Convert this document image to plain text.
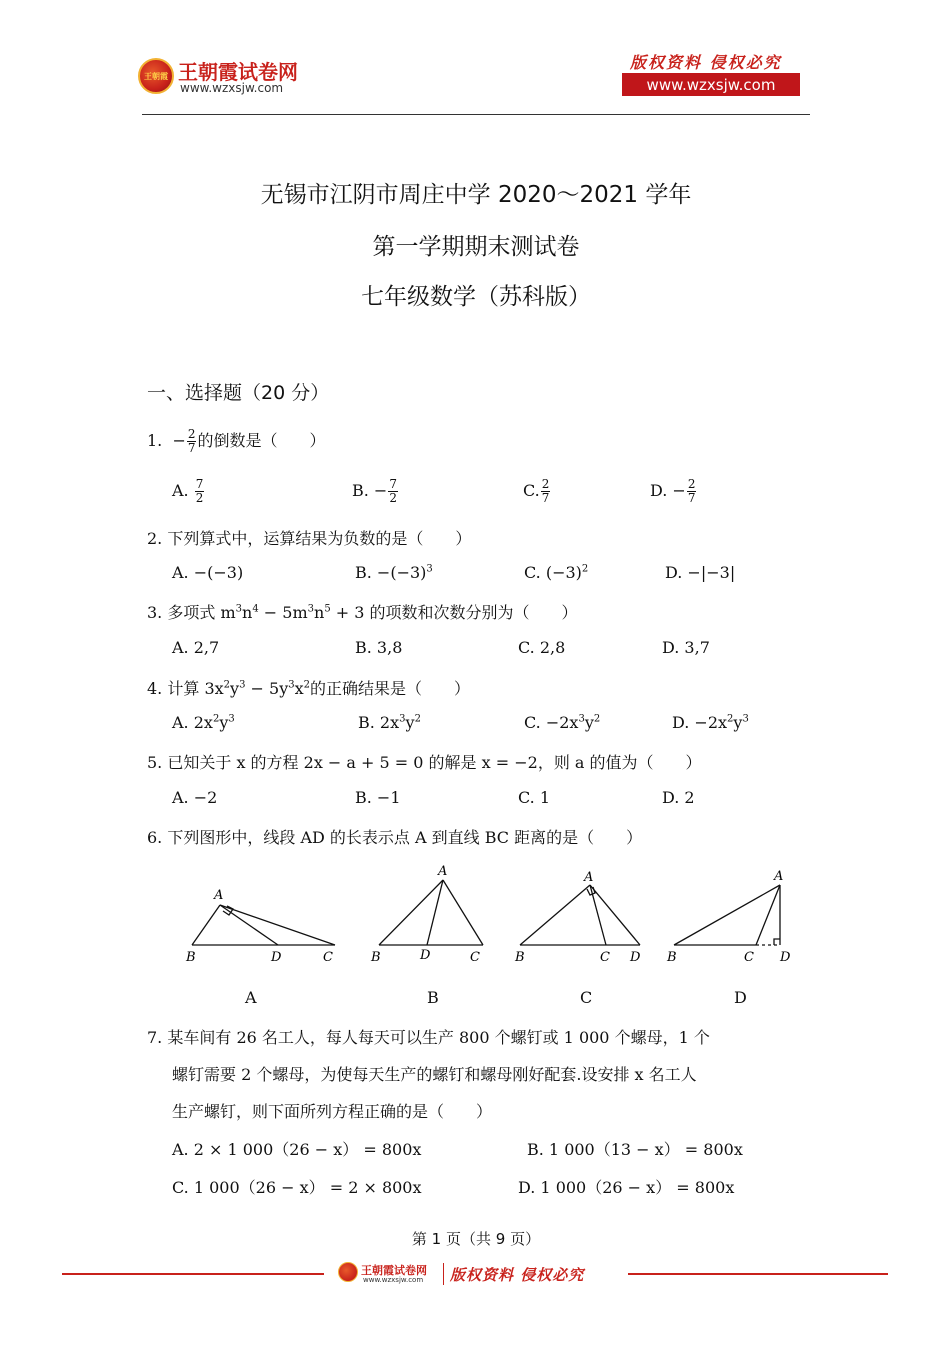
王朝霞 王朝霞试卷网
www.wzxsjw.com
版权资料 侵权必究
www.wzxsjw.com
无锡市江阴市周庄中学 2020～2021 学年
第一学期期末测试卷
七年级数学（苏科版）
一、选择题（20 分）
1. − $\frac{2}{7}$ 的倒数是（　　）
A. $\frac{7}{2}$	B. − $\frac{7}{2}$	C. $\frac{2}{7}$	D. − $\frac{2}{7}$
2. 下列算式中，运算结果为负数的是（　　）
A. −(−3)	B. $-(-3)^3$	C. $(-3)^2$	D. −|−3|
3. 多项式 $m^3n^4 - 5m^3n^5 + 3$ 的项数和次数分别为（　　）
A. 2,7	B. 3,8	C. 2,8	D. 3,7
4. 计算 $3x^2y^3 - 5y^3x^2$的正确结果是（　　）
A. $2x^2y^3$	B. $2x^3y^2$	C. $-2x^3y^2$	D. $-2x^2y^3$
5. 已知关于 x 的方程 2x − a + 5 = 0 的解是 x = −2，则 a 的值为（　　）
A. −2	B. −1	C. 1	D. 2
6. 下列图形中，线段 AD 的长表示点 A 到直线 BC 距离的是（　　）
A
B	D	C
A
B	D	C
A
B	C D
A
B	C D
A	B	C	D
7. 某车间有 26 名工人，每人每天可以生产 800 个螺钉或 1 000 个螺母，1 个
螺钉需要 2 个螺母，为使每天生产的螺钉和螺母刚好配套.设安排 x 名工人
生产螺钉，则下面所列方程正确的是（　　）
A. 2 × 1 000（26 − x） = 800x	B. 1 000（13 − x） = 800x
C. 1 000（26 − x） = 2 × 800x	D. 1 000（26 − x） = 800x
第 1 页（共 9 页）
王朝霞试卷网
www.wzxsjw.com 版权资料 侵权必究
